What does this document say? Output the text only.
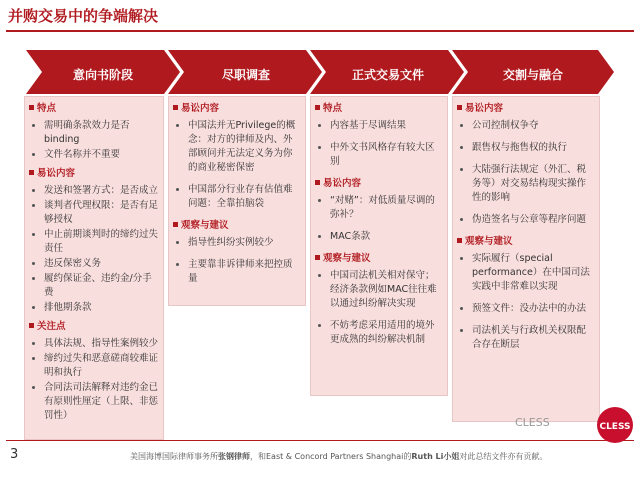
并购交易中的争端解决
意向书阶段	尽职调查	正式交易文件	交割与融合
特点
• 需明确条款效力是否binding
• 文件名称并不重要
易讼内容
• 发送和签署方式：是否成立
• 谈判者代理权限：是否有足够授权
• 中止前期谈判时的缔约过失责任
• 违反保密义务
• 履约保证金、违约金/分手费
• 排他期条款
关注点
• 具体法规、指导性案例较少
• 缔约过失和恶意磋商较难证明和执行
• 合同法司法解释对违约金已有原则性厘定（上限、非惩罚性）
易讼内容
• 中国法并无Privilege的概念：对方的律师及内、外部顾问并无法定义务为你的商业秘密保密
• 中国部分行业存有估值难问题：全靠拍脑袋
观察与建议
• 指导性纠纷实例较少
• 主要靠非诉律师来把控质量
特点
• 内容基于尽调结果
• 中外文书风格存有较大区别
易讼内容
• “对赌”：对低质量尽调的弥补？
• MAC条款
观察与建议
• 中国司法机关相对保守；经济条款例如MAC往往难以通过纠纷解决实现
• 不妨考虑采用适用的境外更成熟的纠纷解决机制
易讼内容
• 公司控制权争夺
• 跟售权与拖售权的执行
• 大陆强行法规定（外汇、税务等）对交易结构现实操作性的影响
• 伪造签名与公章等程序问题
观察与建议
• 实际履行（special performance）在中国司法实践中非常难以实现
• 预签文件：没办法中的办法
• 司法机关与行政机关权限配合存在断层
3	美国海博国际律师事务所张钢律师，和East & Concord Partners Shanghai的Ruth Li小姐对此总结文件亦有贡献。
CLESS	CLESS
